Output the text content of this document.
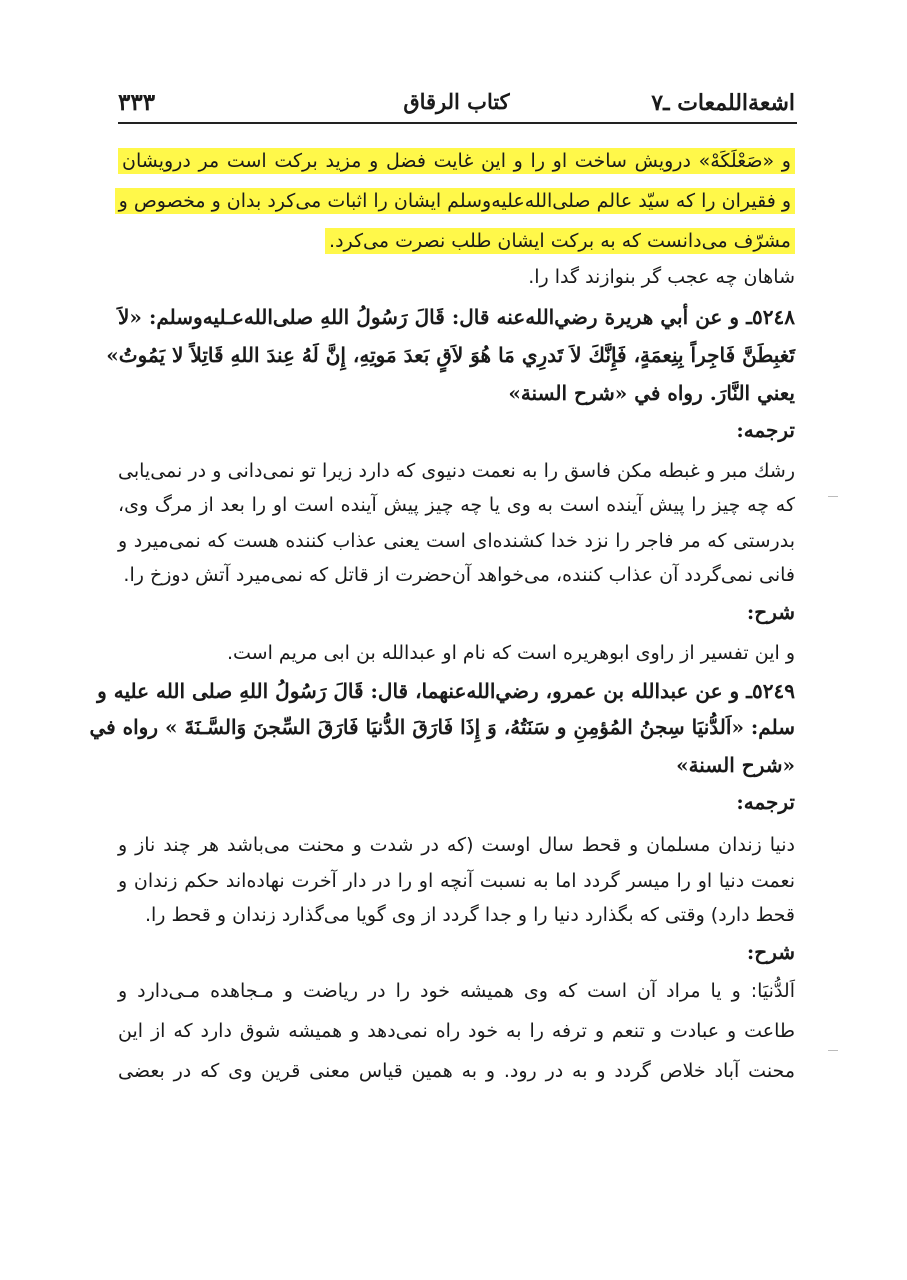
اشعةاللمعات ـ٧
كتاب الرقاق
٣٣٣
و «صَعْلَكَهْ» درويش ساخت او را و اين غايت فضل و مزيد بركت است مر درويشان
و فقيران را كه سيّد عالم صلى‌الله‌عليه‌وسلم ايشان را اثبات مى‌كرد بدان و مخصوص و
مشرّف مى‌دانست كه به بركت ايشان طلب نصرت مى‌كرد.
شاهان چه عجب گر بنوازند گدا را.
٥٢٤٨ـ و عن أبي هريرة رضي‌الله‌عنه قال: قَالَ رَسُولُ اللهِ صلى‌الله‌عـليه‌وسلم: «لاَ
تَغبِطَنَّ فَاجِراً بِنِعمَةٍ، فَإِنَّكَ لاَ تَدرِي مَا هُوَ لاَقٍ بَعدَ مَوتِهِ، إِنَّ لَهُ عِندَ اللهِ قَاتِلاً لا يَمُوتُ»
يعني النَّارَ. رواه في «شرح السنة»
ترجمه:
رشك مبر و غبطه مكن فاسق را به نعمت دنيوى كه دارد زيرا تو نمى‌دانى و در نمى‌يابى
كه چه چيز را پيش آينده است به وى يا چه چيز پيش آينده است او را بعد از مرگ وى،
بدرستى كه مر فاجر را نزد خدا كشنده‌اى است يعنى عذاب كننده هست كه نمى‌ميرد و
فانى نمى‌گردد آن عذاب كننده، مى‌خواهد آن‌حضرت از قاتل كه نمى‌ميرد آتش دوزخ را.
شرح:
و اين تفسير از راوى ابوهريره است كه نام او عبدالله بن ابى مريم است.
٥٢٤٩ـ و عن عبدالله بن عمرو، رضي‌الله‌عنهما، قال: قَالَ رَسُولُ اللهِ صلى الله عليه و
سلم: «اَلدُّنيَا سِجنُ المُؤمِنِ و سَنَتُهُ، وَ إِذَا فَارَقَ الدُّنيَا فَارَقَ السِّجنَ وَالسَّـنَةَ » رواه في
«شرح السنة»
ترجمه:
دنيا زندان مسلمان و قحط سال اوست (كه در شدت و محنت مى‌باشد هر چند ناز و
نعمت دنيا او را ميسر گردد اما به نسبت آنچه او را در دار آخرت نهاده‌اند حكم زندان و
قحط دارد) وقتى كه بگذارد دنيا را و جدا گردد از وى گويا مى‌گذارد زندان و قحط را.
شرح:
اَلدُّنيَا: و يا مراد آن است كه وى هميشه خود را در رياضت و مـجاهده مـى‌دارد و
طاعت و عبادت و تنعم و ترفه را به خود راه نمى‌دهد و هميشه شوق دارد كه از اين
محنت آباد خلاص گردد و به در رود. و به همين قياس معنى قرين وى كه در بعضى
